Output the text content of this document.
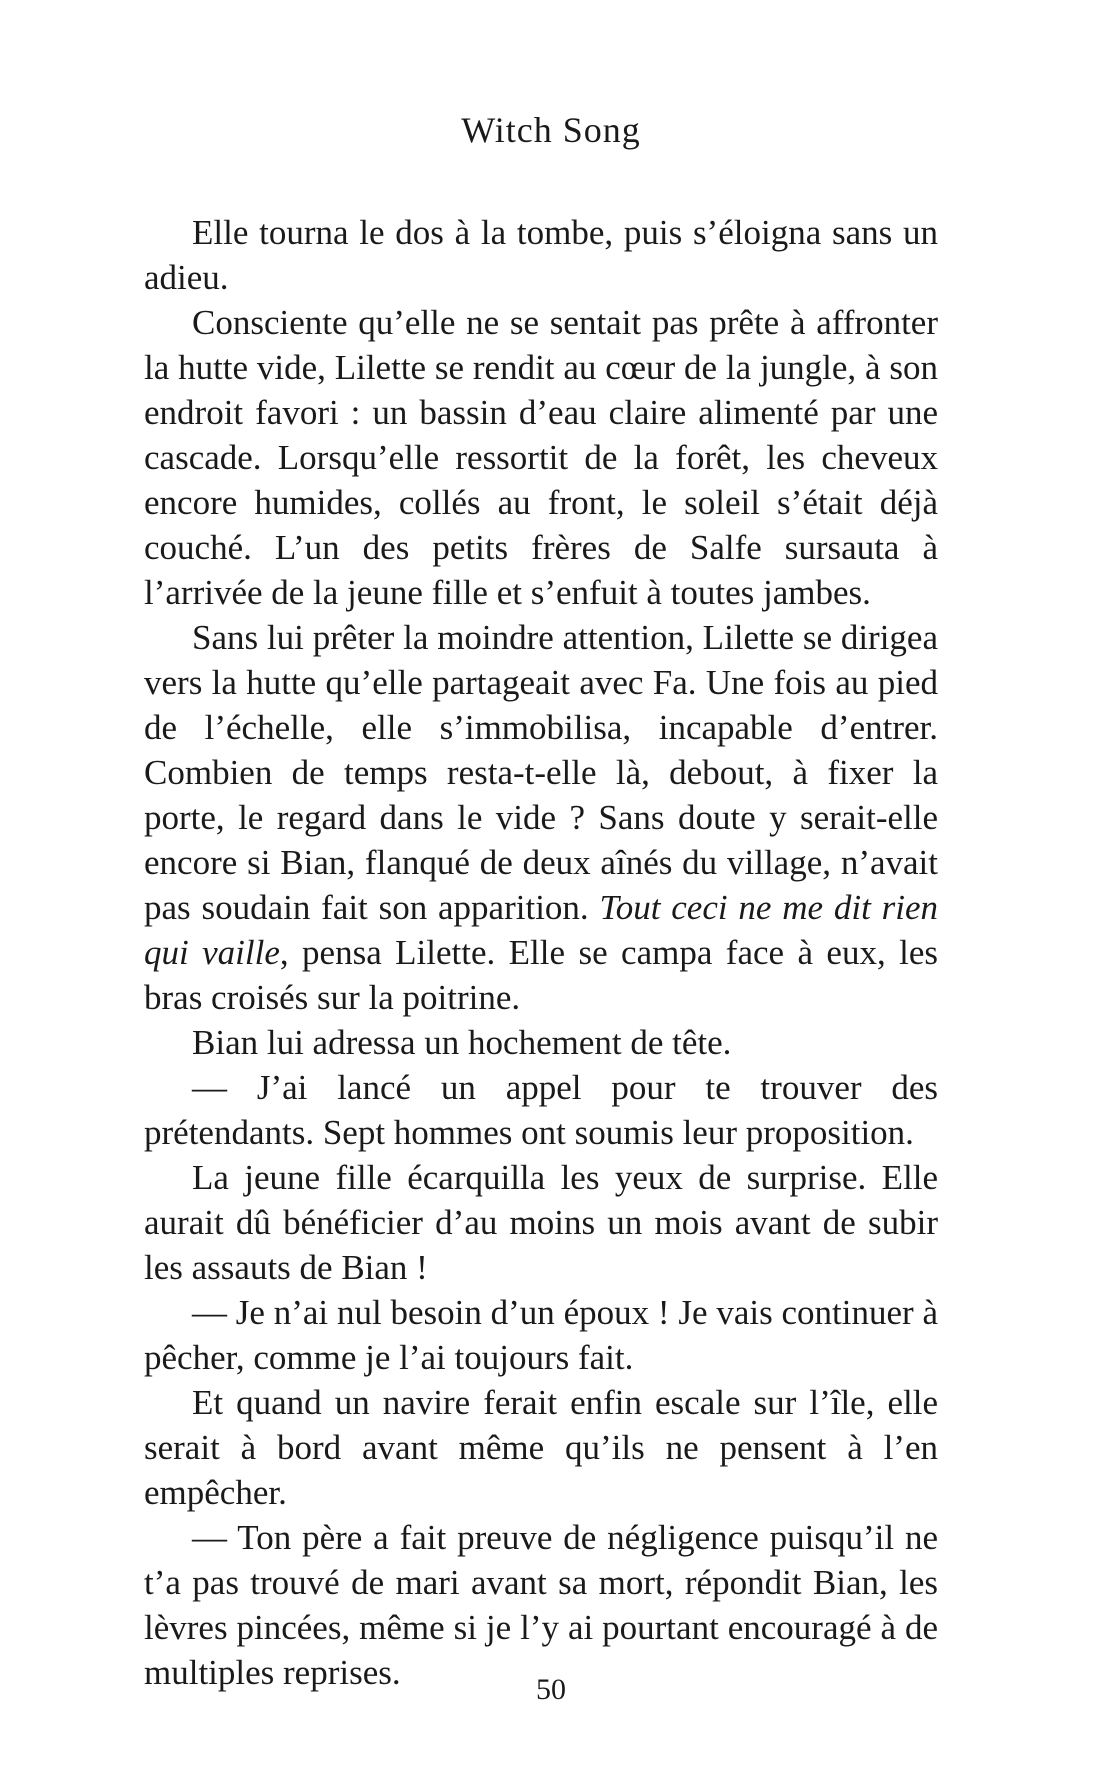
Witch Song

Elle tourna le dos à la tombe, puis s’éloigna sans un adieu.

Consciente qu’elle ne se sentait pas prête à affronter la hutte vide, Lilette se rendit au cœur de la jungle, à son endroit favori : un bassin d’eau claire alimenté par une cascade. Lorsqu’elle ressortit de la forêt, les cheveux encore humides, collés au front, le soleil s’était déjà couché. L’un des petits frères de Salfe sursauta à l’arrivée de la jeune fille et s’enfuit à toutes jambes.

Sans lui prêter la moindre attention, Lilette se dirigea vers la hutte qu’elle partageait avec Fa. Une fois au pied de l’échelle, elle s’immobilisa, incapable d’entrer. Combien de temps resta-t-elle là, debout, à fixer la porte, le regard dans le vide ? Sans doute y serait-elle encore si Bian, flanqué de deux aînés du village, n’avait pas soudain fait son apparition. Tout ceci ne me dit rien qui vaille, pensa Lilette. Elle se campa face à eux, les bras croisés sur la poitrine.

Bian lui adressa un hochement de tête.

— J’ai lancé un appel pour te trouver des prétendants. Sept hommes ont soumis leur proposition.

La jeune fille écarquilla les yeux de surprise. Elle aurait dû bénéficier d’au moins un mois avant de subir les assauts de Bian !

— Je n’ai nul besoin d’un époux ! Je vais continuer à pêcher, comme je l’ai toujours fait.

Et quand un navire ferait enfin escale sur l’île, elle serait à bord avant même qu’ils ne pensent à l’en empêcher.

— Ton père a fait preuve de négligence puisqu’il ne t’a pas trouvé de mari avant sa mort, répondit Bian, les lèvres pincées, même si je l’y ai pourtant encouragé à de multiples reprises.	50
